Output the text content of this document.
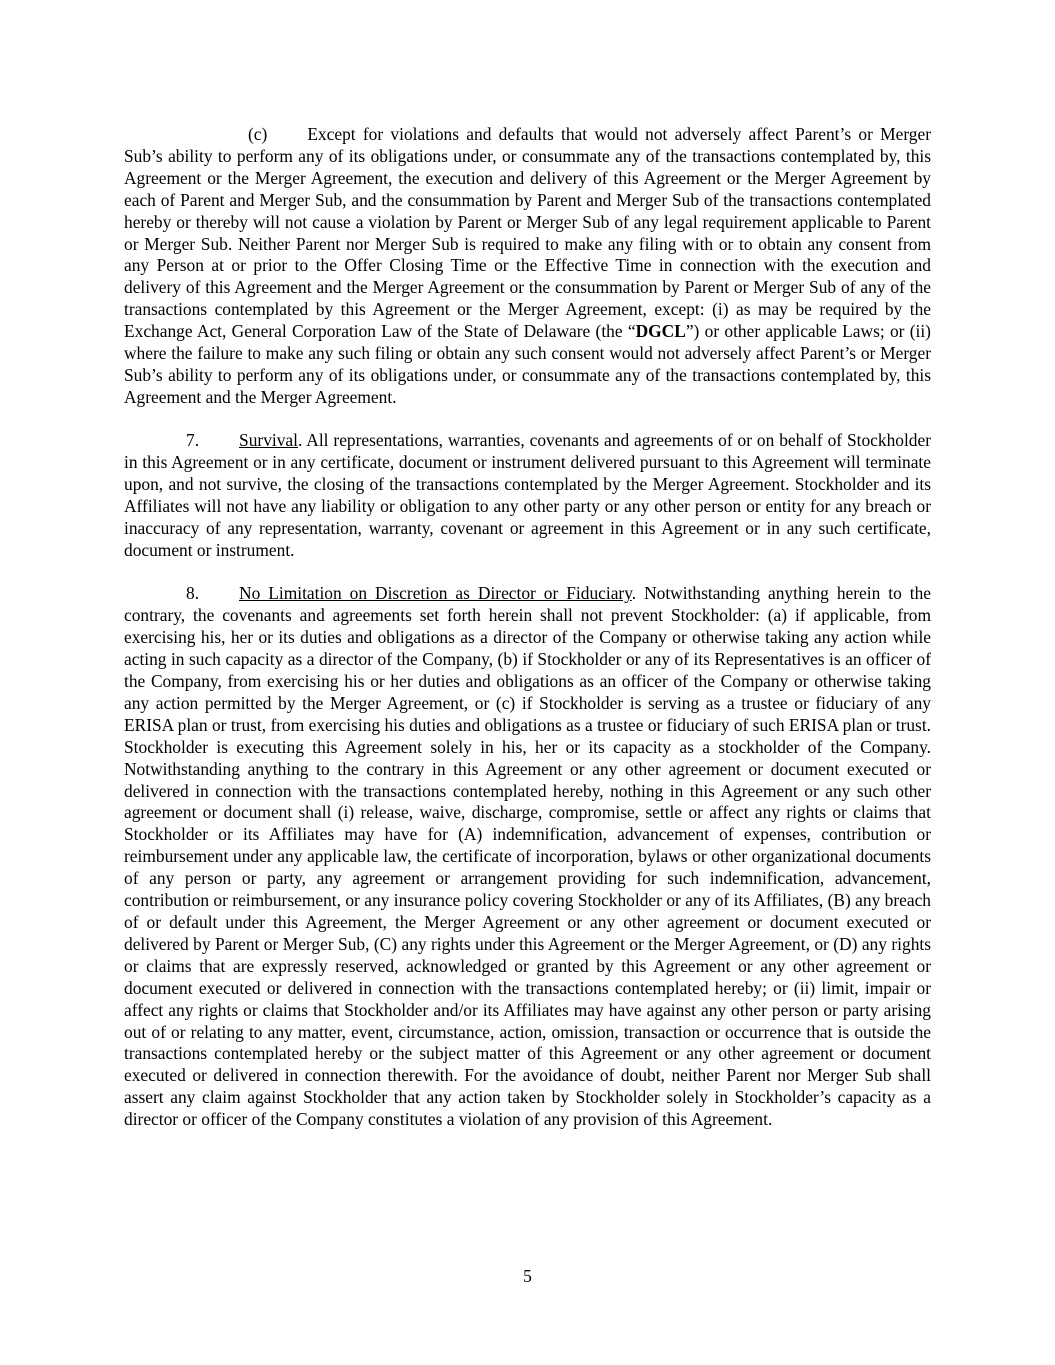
(c) Except for violations and defaults that would not adversely affect Parent’s or Merger Sub’s ability to perform any of its obligations under, or consummate any of the transactions contemplated by, this Agreement or the Merger Agreement, the execution and delivery of this Agreement or the Merger Agreement by each of Parent and Merger Sub, and the consummation by Parent and Merger Sub of the transactions contemplated hereby or thereby will not cause a violation by Parent or Merger Sub of any legal requirement applicable to Parent or Merger Sub. Neither Parent nor Merger Sub is required to make any filing with or to obtain any consent from any Person at or prior to the Offer Closing Time or the Effective Time in connection with the execution and delivery of this Agreement and the Merger Agreement or the consummation by Parent or Merger Sub of any of the transactions contemplated by this Agreement or the Merger Agreement, except: (i) as may be required by the Exchange Act, General Corporation Law of the State of Delaware (the “DGCL”) or other applicable Laws; or (ii) where the failure to make any such filing or obtain any such consent would not adversely affect Parent’s or Merger Sub’s ability to perform any of its obligations under, or consummate any of the transactions contemplated by, this Agreement and the Merger Agreement.

7. Survival. All representations, warranties, covenants and agreements of or on behalf of Stockholder in this Agreement or in any certificate, document or instrument delivered pursuant to this Agreement will terminate upon, and not survive, the closing of the transactions contemplated by the Merger Agreement. Stockholder and its Affiliates will not have any liability or obligation to any other party or any other person or entity for any breach or inaccuracy of any representation, warranty, covenant or agreement in this Agreement or in any such certificate, document or instrument.

8. No Limitation on Discretion as Director or Fiduciary. Notwithstanding anything herein to the contrary, the covenants and agreements set forth herein shall not prevent Stockholder: (a) if applicable, from exercising his, her or its duties and obligations as a director of the Company or otherwise taking any action while acting in such capacity as a director of the Company, (b) if Stockholder or any of its Representatives is an officer of the Company, from exercising his or her duties and obligations as an officer of the Company or otherwise taking any action permitted by the Merger Agreement, or (c) if Stockholder is serving as a trustee or fiduciary of any ERISA plan or trust, from exercising his duties and obligations as a trustee or fiduciary of such ERISA plan or trust. Stockholder is executing this Agreement solely in his, her or its capacity as a stockholder of the Company. Notwithstanding anything to the contrary in this Agreement or any other agreement or document executed or delivered in connection with the transactions contemplated hereby, nothing in this Agreement or any such other agreement or document shall (i) release, waive, discharge, compromise, settle or affect any rights or claims that Stockholder or its Affiliates may have for (A) indemnification, advancement of expenses, contribution or reimbursement under any applicable law, the certificate of incorporation, bylaws or other organizational documents of any person or party, any agreement or arrangement providing for such indemnification, advancement, contribution or reimbursement, or any insurance policy covering Stockholder or any of its Affiliates, (B) any breach of or default under this Agreement, the Merger Agreement or any other agreement or document executed or delivered by Parent or Merger Sub, (C) any rights under this Agreement or the Merger Agreement, or (D) any rights or claims that are expressly reserved, acknowledged or granted by this Agreement or any other agreement or document executed or delivered in connection with the transactions contemplated hereby; or (ii) limit, impair or affect any rights or claims that Stockholder and/or its Affiliates may have against any other person or party arising out of or relating to any matter, event, circumstance, action, omission, transaction or occurrence that is outside the transactions contemplated hereby or the subject matter of this Agreement or any other agreement or document executed or delivered in connection therewith. For the avoidance of doubt, neither Parent nor Merger Sub shall assert any claim against Stockholder that any action taken by Stockholder solely in Stockholder’s capacity as a director or officer of the Company constitutes a violation of any provision of this Agreement.

5
